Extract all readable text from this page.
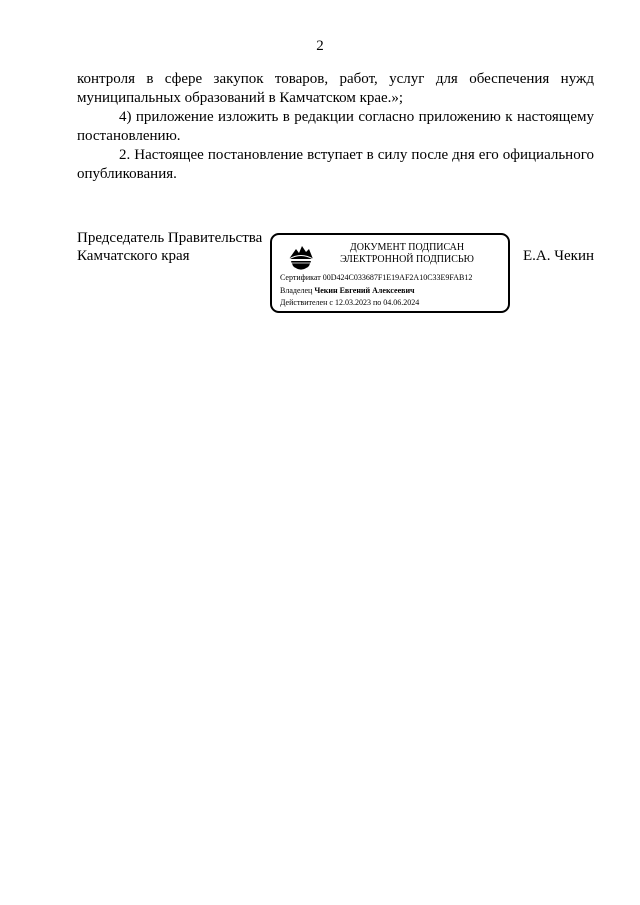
2

контроля в сфере закупок товаров, работ, услуг для обеспечения нужд муниципальных образований в Камчатском крае.»;

4) приложение изложить в редакции согласно приложению к настоящему постановлению.

2. Настоящее постановление вступает в силу после дня его официального опубликования.

Председатель Правительства
Камчатского края	Е.А. Чекин
ДОКУМЕНТ ПОДПИСАН
ЭЛЕКТРОННОЙ ПОДПИСЬЮ
Сертификат 00D424C033687F1E19AF2A10C33E9FAB12
Владелец Чекин Евгений Алексеевич
Действителен с 12.03.2023 по 04.06.2024
